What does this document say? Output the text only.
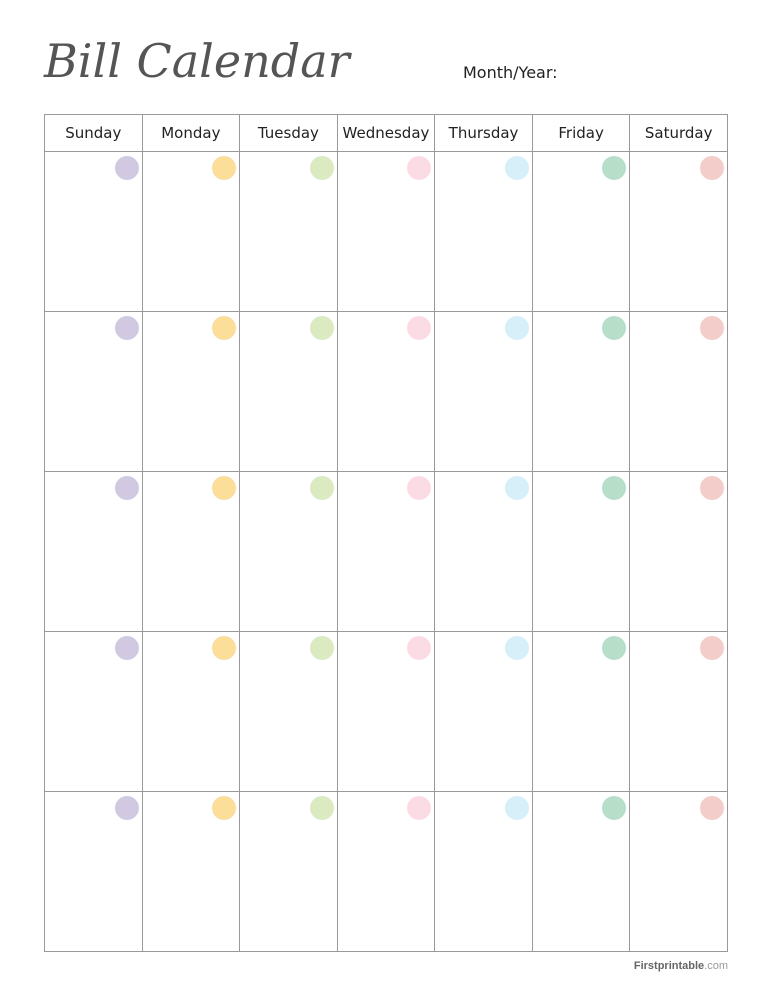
Bill Calendar	Month/Year:
Sunday	Monday	Tuesday	Wednesday	Thursday	Friday	Saturday

Firstprintable.com
